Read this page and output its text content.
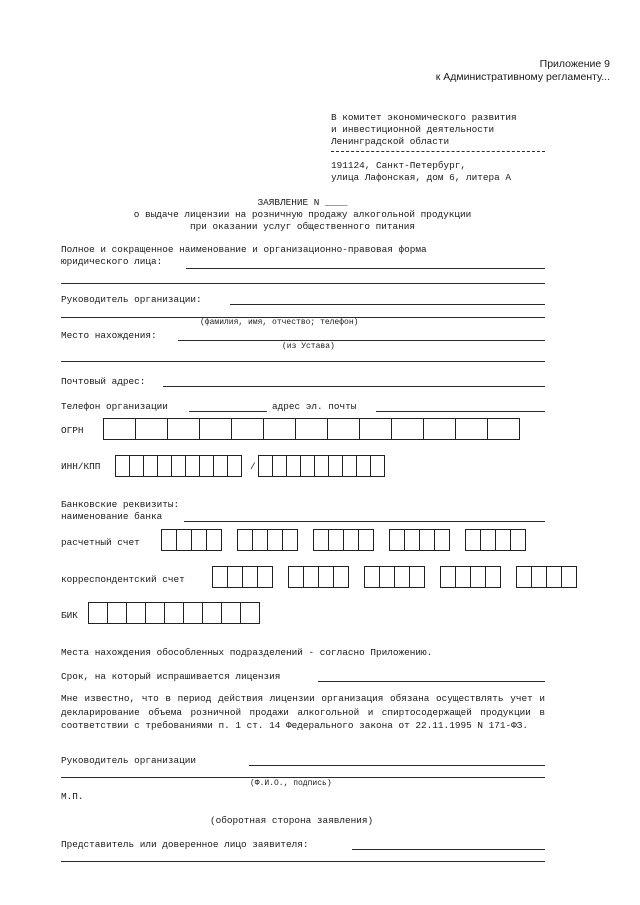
Приложение 9
к Административному регламенту...
В комитет экономического развития
и инвестиционной деятельности
Ленинградской области
191124, Санкт-Петербург,
улица Лафонская, дом 6, литера А
ЗАЯВЛЕНИЕ N ____
о выдаче лицензии на розничную продажу алкогольной продукции
при оказании услуг общественного питания
Полное и сокращенное наименование и организационно-правовая форма
юридического лица:
Руководитель организации:
(фамилия, имя, отчество; телефон)
Место нахождения:
(из Устава)
Почтовый адрес:
Телефон организации	адрес эл. почты
ОГРН
ИНН/КПП	/
Банковские реквизиты:
наименование банка
расчетный счет
корреспондентский счет
БИК
Места нахождения обособленных подразделений - согласно Приложению.
Срок, на который испрашивается лицензия
Мне известно, что в период действия лицензии организация обязана осуществлять учет и декларирование объема розничной продажи алкогольной и спиртосодержащей продукции в соответствии с требованиями п. 1 ст. 14 Федерального закона от 22.11.1995 N 171-ФЗ.
Руководитель организации
(Ф.И.О., подпись)
М.П.
(оборотная сторона заявления)
Представитель или доверенное лицо заявителя:
